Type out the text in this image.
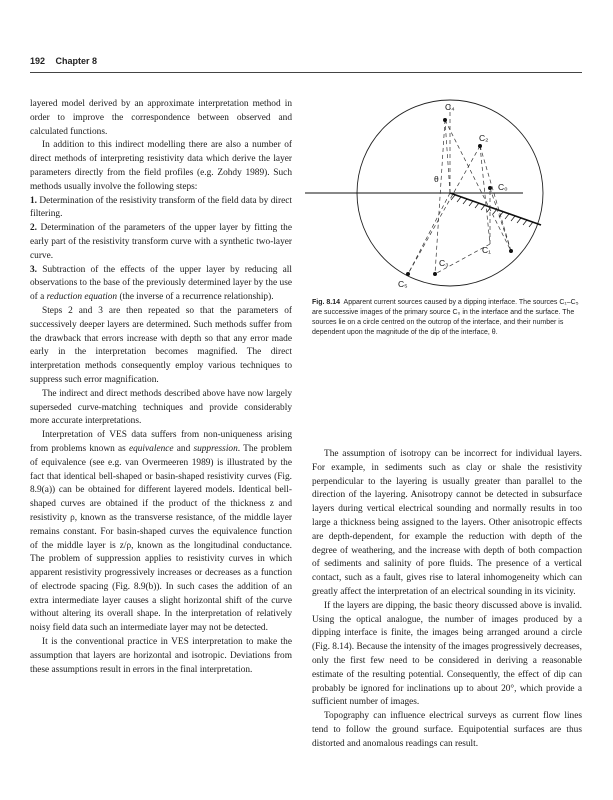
192 Chapter 8

layered model derived by an approximate interpretation method in order to improve the correspondence between observed and calculated functions.

In addition to this indirect modelling there are also a number of direct methods of interpreting resistivity data which derive the layer parameters directly from the field profiles (e.g. Zohdy 1989). Such methods usually involve the following steps:

1. Determination of the resistivity transform of the field data by direct filtering.

2. Determination of the parameters of the upper layer by fitting the early part of the resistivity transform curve with a synthetic two-layer curve.

3. Subtraction of the effects of the upper layer by reducing all observations to the base of the previously determined layer by the use of a reduction equation (the inverse of a recurrence relationship).

Steps 2 and 3 are then repeated so that the parameters of successively deeper layers are determined. Such methods suffer from the drawback that errors increase with depth so that any error made early in the interpretation becomes magnified. The direct interpretation methods consequently employ various techniques to suppress such error magnification.

The indirect and direct methods described above have now largely superseded curve-matching techniques and provide considerably more accurate interpretations.

Interpretation of VES data suffers from non-uniqueness arising from problems known as equivalence and suppression. The problem of equivalence (see e.g. van Overmeeren 1989) is illustrated by the fact that identical bell-shaped or basin-shaped resistivity curves (Fig. 8.9(a)) can be obtained for different layered models. Identical bell-shaped curves are obtained if the product of the thickness z and resistivity ρ, known as the transverse resistance, of the middle layer remains constant. For basin-shaped curves the equivalence function of the middle layer is z/ρ, known as the longitudinal conductance. The problem of suppression applies to resistivity curves in which apparent resistivity progressively increases or decreases as a function of electrode spacing (Fig. 8.9(b)). In such cases the addition of an extra intermediate layer causes a slight horizontal shift of the curve without altering its overall shape. In the interpretation of relatively noisy field data such an intermediate layer may not be detected.

It is the conventional practice in VES interpretation to make the assumption that layers are horizontal and isotropic. Deviations from these assumptions result in errors in the final interpretation.

C₄
C₂
C₀
C₁
C₃
C₅
θ
Fig. 8.14 Apparent current sources caused by a dipping interface. The sources C₁–C₅ are successive images of the primary source C₀ in the interface and the surface. The sources lie on a circle centred on the outcrop of the interface, and their number is dependent upon the magnitude of the dip of the interface, θ.

The assumption of isotropy can be incorrect for individual layers. For example, in sediments such as clay or shale the resistivity perpendicular to the layering is usually greater than parallel to the direction of the layering. Anisotropy cannot be detected in subsurface layers during vertical electrical sounding and normally results in too large a thickness being assigned to the layers. Other anisotropic effects are depth-dependent, for example the reduction with depth of the degree of weathering, and the increase with depth of both compaction of sediments and salinity of pore fluids. The presence of a vertical contact, such as a fault, gives rise to lateral inhomogeneity which can greatly affect the interpretation of an electrical sounding in its vicinity.

If the layers are dipping, the basic theory discussed above is invalid. Using the optical analogue, the number of images produced by a dipping interface is finite, the images being arranged around a circle (Fig. 8.14). Because the intensity of the images progressively decreases, only the first few need to be considered in deriving a reasonable estimate of the resulting potential. Consequently, the effect of dip can probably be ignored for inclinations up to about 20°, which provide a sufficient number of images.

Topography can influence electrical surveys as current flow lines tend to follow the ground surface. Equipotential surfaces are thus distorted and anomalous readings can result.
